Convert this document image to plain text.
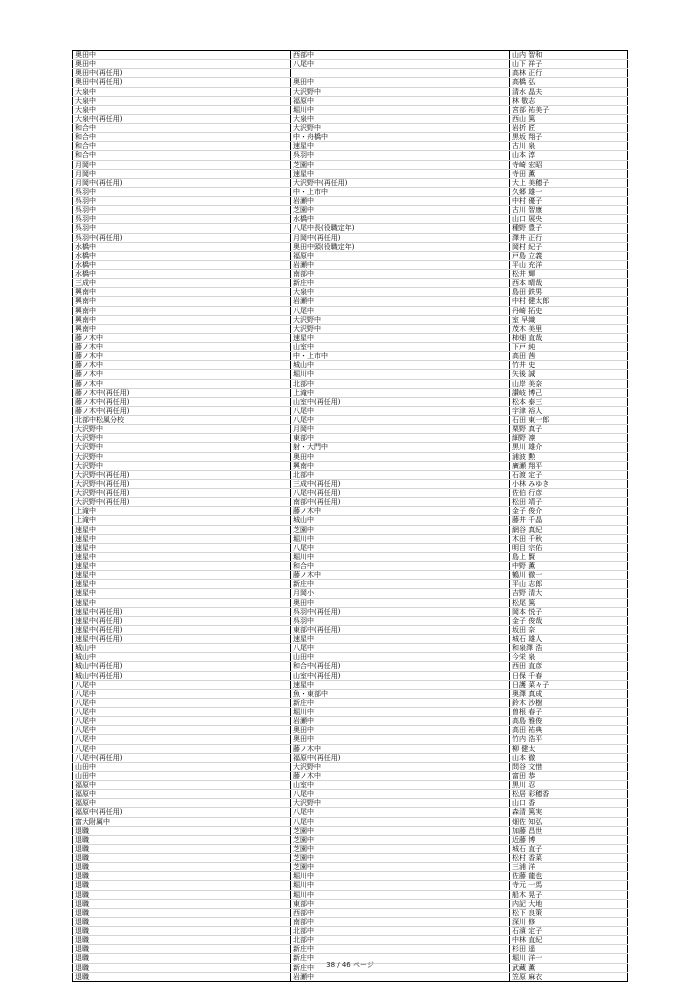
奥田中	西部中	山内 智和
奥田中	八尾中	山下 祥子
奥田中(再任用)		高林 正行
奥田中(再任用)	奥田中	高橋 弘
大泉中	大沢野中	清水 晶夫
大泉中	福原中	林 敬志
大泉中	堀川中	宮部 祐美子
大泉中(再任用)	大泉中	西山 篤
和合中	大沢野中	岩折 匠
和合中	中・舟橋中	黒坂 翔子
和合中	速星中	古川 泉
和合中	呉羽中	山本 淳
月岡中	芝園中	寺崎 宏昭
月岡中	速星中	寺田 薫
月岡中(再任用)	大沢野中(再任用)	大上 美穂子
呉羽中	中・上市中	久郷 雄一
呉羽中	岩瀬中	中村 優子
呉羽中	芝園中	古川 智康
呉羽中	水橋中	山口 展央
呉羽中	八尾中長(役職定年)	種野 豊子
呉羽中(再任用)	月岡中(再任用)	澤井 正行
水橋中	奥田中頭(役職定年)	岡村 紀子
水橋中	福原中	戸島 立義
水橋中	岩瀬中	平山 充洋
水橋中	南部中	松井 輝
三成中	新庄中	西本 晴哉
興南中	大泉中	島田 鉄男
興南中	岩瀬中	中村 健太郎
興南中	八尾中	丹崎 拓史
興南中	大沢野中	室 早織
興南中	大沢野中	茂木 美里
藤ノ木中	速星中	柿畑 直哉
藤ノ木中	山室中	下戸 純
藤ノ木中	中・上市中	高田 茜
藤ノ木中	城山中	竹井 史
藤ノ木中	堀川中	矢後 誠
藤ノ木中	北部中	山岸 美奈
藤ノ木中(再任用)	上滝中	讃岐 博己
藤ノ木中(再任用)	山室中(再任用)	松本 泰三
藤ノ木中(再任用)	八尾中	宇津 裕人
北部中松風分校	八尾中	石田 東一郎
大沢野中	月岡中	栗野 真子
大沢野中	東部中	細野 凛
大沢野中	射・大門中	黒川 雄介
大沢野中	奥田中	浦波 勲
大沢野中	興南中	廣瀬 翔平
大沢野中(再任用)	北部中	石渡 定子
大沢野中(再任用)	三成中(再任用)	小林 みゆき
大沢野中(再任用)	八尾中(再任用)	佐伯 行彦
大沢野中(再任用)	南部中(再任用)	松田 靖子
上滝中	藤ノ木中	金子 俊介
上滝中	城山中	藤井 千晶
速星中	芝園中	網谷 真紀
速星中	堀川中	木田 千秋
速星中	八尾中	明目 宗佑
速星中	堀川中	島上 賢
速星中	和合中	中野 薫
速星中	藤ノ木中	鶴川 徹一
速星中	新庄中	平山 志郎
速星中	月岡小	吉野 清大
速星中	奥田中	松尾 篤
速星中(再任用)	呉羽中(再任用)	岡本 悦子
速星中(再任用)	呉羽中	金子 俊哉
速星中(再任用)	東部中(再任用)	坂田 奈
速星中(再任用)	速星中	城石 雄人
城山中	八尾中	和泉澤 浩
城山中	山田中	今栄 泉
城山中(再任用)	和合中(再任用)	西田 直彦
城山中(再任用)	山室中(再任用)	日保 千春
八尾中	速星中	日護 菜々子
八尾中	魚・東部中	奥澤 真成
八尾中	新庄中	鈴木 沙樹
八尾中	堀川中	曽根 春子
八尾中	岩瀬中	高島 雅俊
八尾中	奥田中	高田 祐典
八尾中	奥田中	竹内 浩平
八尾中	藤ノ木中	柳 健太
八尾中(再任用)	福原中(再任用)	山本 徹
山田中	大沢野中	問谷 文惜
山田中	藤ノ木中	富田 恭
福原中	山室中	黒川 忍
福原中	八尾中	松居 彩穂香
福原中	大沢野中	山口 香
福原中(再任用)	八尾中	森清 篤実
富大附属中	八尾中	畑佐 知弘
退職	芝園中	加藤 昌世
退職	芝園中	近藤 博
退職	芝園中	城石 直子
退職	芝園中	松村 香菜
退職	芝園中	三浦 洋
退職	堀川中	佐藤 龍也
退職	堀川中	寺元 一馬
退職	堀川中	船木 晃子
退職	東部中	内記 大地
退職	西部中	松下 良策
退職	南部中	深川 修
退職	北部中	石濱 定子
退職	北部中	中林 直紀
退職	新庄中	杉田 遥
退職	新庄中	堀川 洋一
退職	新庄中	武藏 薫
退職	岩瀬中	笠原 麻衣
38 / 46 ページ
